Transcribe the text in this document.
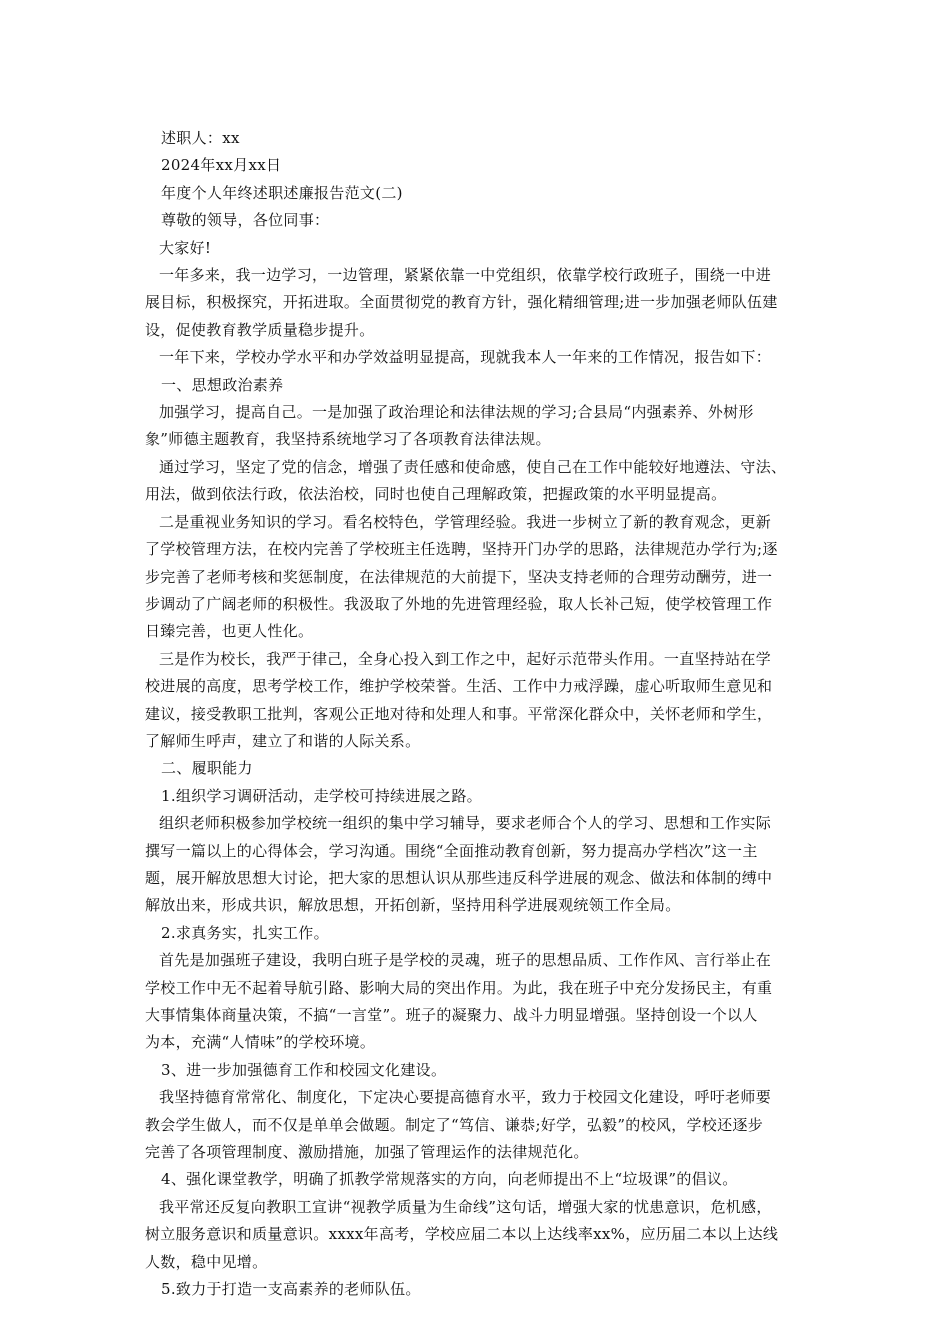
述职人：xx

2024年xx月xx日

年度个人年终述职述廉报告范文(二)

尊敬的领导，各位同事：

大家好!

一年多来，我一边学习，一边管理，紧紧依靠一中党组织，依靠学校行政班子，围绕一中进

展目标，积极探究，开拓进取。全面贯彻党的教育方针，强化精细管理;进一步加强老师队伍建

设，促使教育教学质量稳步提升。

一年下来，学校办学水平和办学效益明显提高，现就我本人一年来的工作情况，报告如下：

一、思想政治素养

加强学习，提高自己。一是加强了政治理论和法律法规的学习;合县局“内强素养、外树形

象”师德主题教育，我坚持系统地学习了各项教育法律法规。

通过学习，坚定了党的信念，增强了责任感和使命感，使自己在工作中能较好地遵法、守法、

用法，做到依法行政，依法治校，同时也使自己理解政策，把握政策的水平明显提高。

二是重视业务知识的学习。看名校特色，学管理经验。我进一步树立了新的教育观念，更新

了学校管理方法，在校内完善了学校班主任选聘，坚持开门办学的思路，法律规范办学行为;逐

步完善了老师考核和奖惩制度，在法律规范的大前提下，坚决支持老师的合理劳动酬劳，进一

步调动了广阔老师的积极性。我汲取了外地的先进管理经验，取人长补己短，使学校管理工作

日臻完善，也更人性化。

三是作为校长，我严于律己，全身心投入到工作之中，起好示范带头作用。一直坚持站在学

校进展的高度，思考学校工作，维护学校荣誉。生活、工作中力戒浮躁，虚心听取师生意见和

建议，接受教职工批判，客观公正地对待和处理人和事。平常深化群众中，关怀老师和学生，

了解师生呼声，建立了和谐的人际关系。

二、履职能力

1.组织学习调研活动，走学校可持续进展之路。

组织老师积极参加学校统一组织的集中学习辅导，要求老师合个人的学习、思想和工作实际

撰写一篇以上的心得体会，学习沟通。围绕“全面推动教育创新，努力提高办学档次”这一主

题，展开解放思想大讨论，把大家的思想认识从那些违反科学进展的观念、做法和体制的缚中

解放出来，形成共识，解放思想，开拓创新，坚持用科学进展观统领工作全局。

2.求真务实，扎实工作。

首先是加强班子建设，我明白班子是学校的灵魂，班子的思想品质、工作作风、言行举止在

学校工作中无不起着导航引路、影响大局的突出作用。为此，我在班子中充分发扬民主，有重

大事情集体商量决策，不搞“一言堂”。班子的凝聚力、战斗力明显增强。坚持创设一个以人

为本，充满“人情味”的学校环境。

3、进一步加强德育工作和校园文化建设。

我坚持德育常常化、制度化，下定决心要提高德育水平，致力于校园文化建设，呼吁老师要

教会学生做人，而不仅是单单会做题。制定了“笃信、谦恭;好学，弘毅”的校风，学校还逐步

完善了各项管理制度、激励措施，加强了管理运作的法律规范化。

4、强化课堂教学，明确了抓教学常规落实的方向，向老师提出不上“垃圾课”的倡议。

我平常还反复向教职工宣讲“视教学质量为生命线”这句话，增强大家的忧患意识，危机感，

树立服务意识和质量意识。xxxx年高考，学校应届二本以上达线率xx%，应历届二本以上达线

人数，稳中见增。

5.致力于打造一支高素养的老师队伍。
